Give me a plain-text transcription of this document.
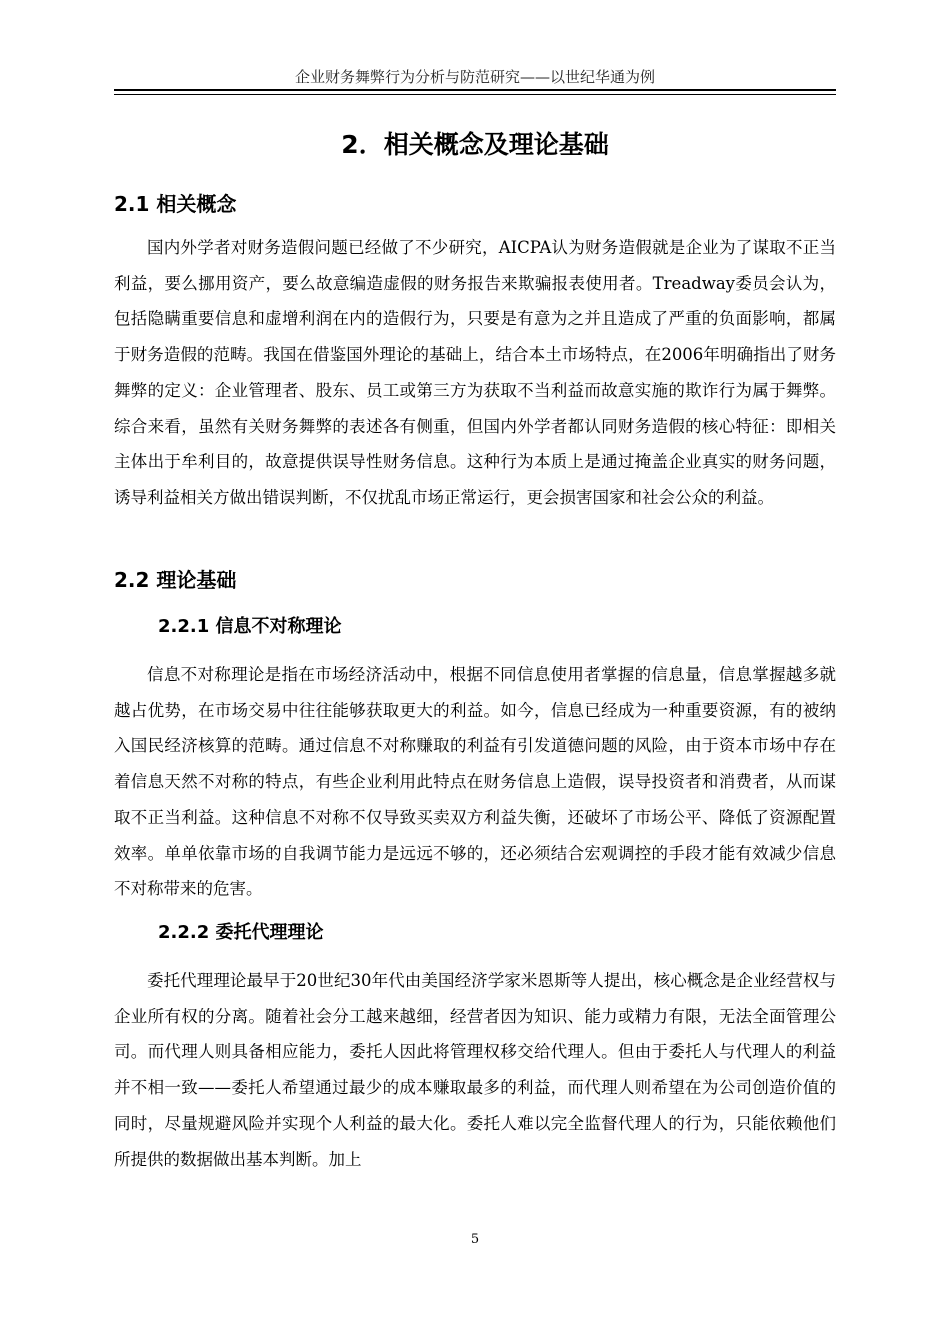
企业财务舞弊行为分析与防范研究——以世纪华通为例
2．相关概念及理论基础
2.1 相关概念

国内外学者对财务造假问题已经做了不少研究，AICPA认为财务造假就是企业为了谋取不正当利益，要么挪用资产，要么故意编造虚假的财务报告来欺骗报表使用者。Treadway委员会认为，包括隐瞒重要信息和虚增利润在内的造假行为，只要是有意为之并且造成了严重的负面影响，都属于财务造假的范畴。我国在借鉴国外理论的基础上，结合本土市场特点，在2006年明确指出了财务舞弊的定义：企业管理者、股东、员工或第三方为获取不当利益而故意实施的欺诈行为属于舞弊。综合来看，虽然有关财务舞弊的表述各有侧重，但国内外学者都认同财务造假的核心特征：即相关主体出于牟利目的，故意提供误导性财务信息。这种行为本质上是通过掩盖企业真实的财务问题，诱导利益相关方做出错误判断，不仅扰乱市场正常运行，更会损害国家和社会公众的利益。

2.2 理论基础
2.2.1 信息不对称理论

信息不对称理论是指在市场经济活动中，根据不同信息使用者掌握的信息量，信息掌握越多就越占优势，在市场交易中往往能够获取更大的利益。如今，信息已经成为一种重要资源，有的被纳入国民经济核算的范畴。通过信息不对称赚取的利益有引发道德问题的风险，由于资本市场中存在着信息天然不对称的特点，有些企业利用此特点在财务信息上造假，误导投资者和消费者，从而谋取不正当利益。这种信息不对称不仅导致买卖双方利益失衡，还破坏了市场公平、降低了资源配置效率。单单依靠市场的自我调节能力是远远不够的，还必须结合宏观调控的手段才能有效减少信息不对称带来的危害。

2.2.2 委托代理理论

委托代理理论最早于20世纪30年代由美国经济学家米恩斯等人提出，核心概念是企业经营权与企业所有权的分离。随着社会分工越来越细，经营者因为知识、能力或精力有限，无法全面管理公司。而代理人则具备相应能力，委托人因此将管理权移交给代理人。但由于委托人与代理人的利益并不相一致——委托人希望通过最少的成本赚取最多的利益，而代理人则希望在为公司创造价值的同时，尽量规避风险并实现个人利益的最大化。委托人难以完全监督代理人的行为，只能依赖他们所提供的数据做出基本判断。加上

5
